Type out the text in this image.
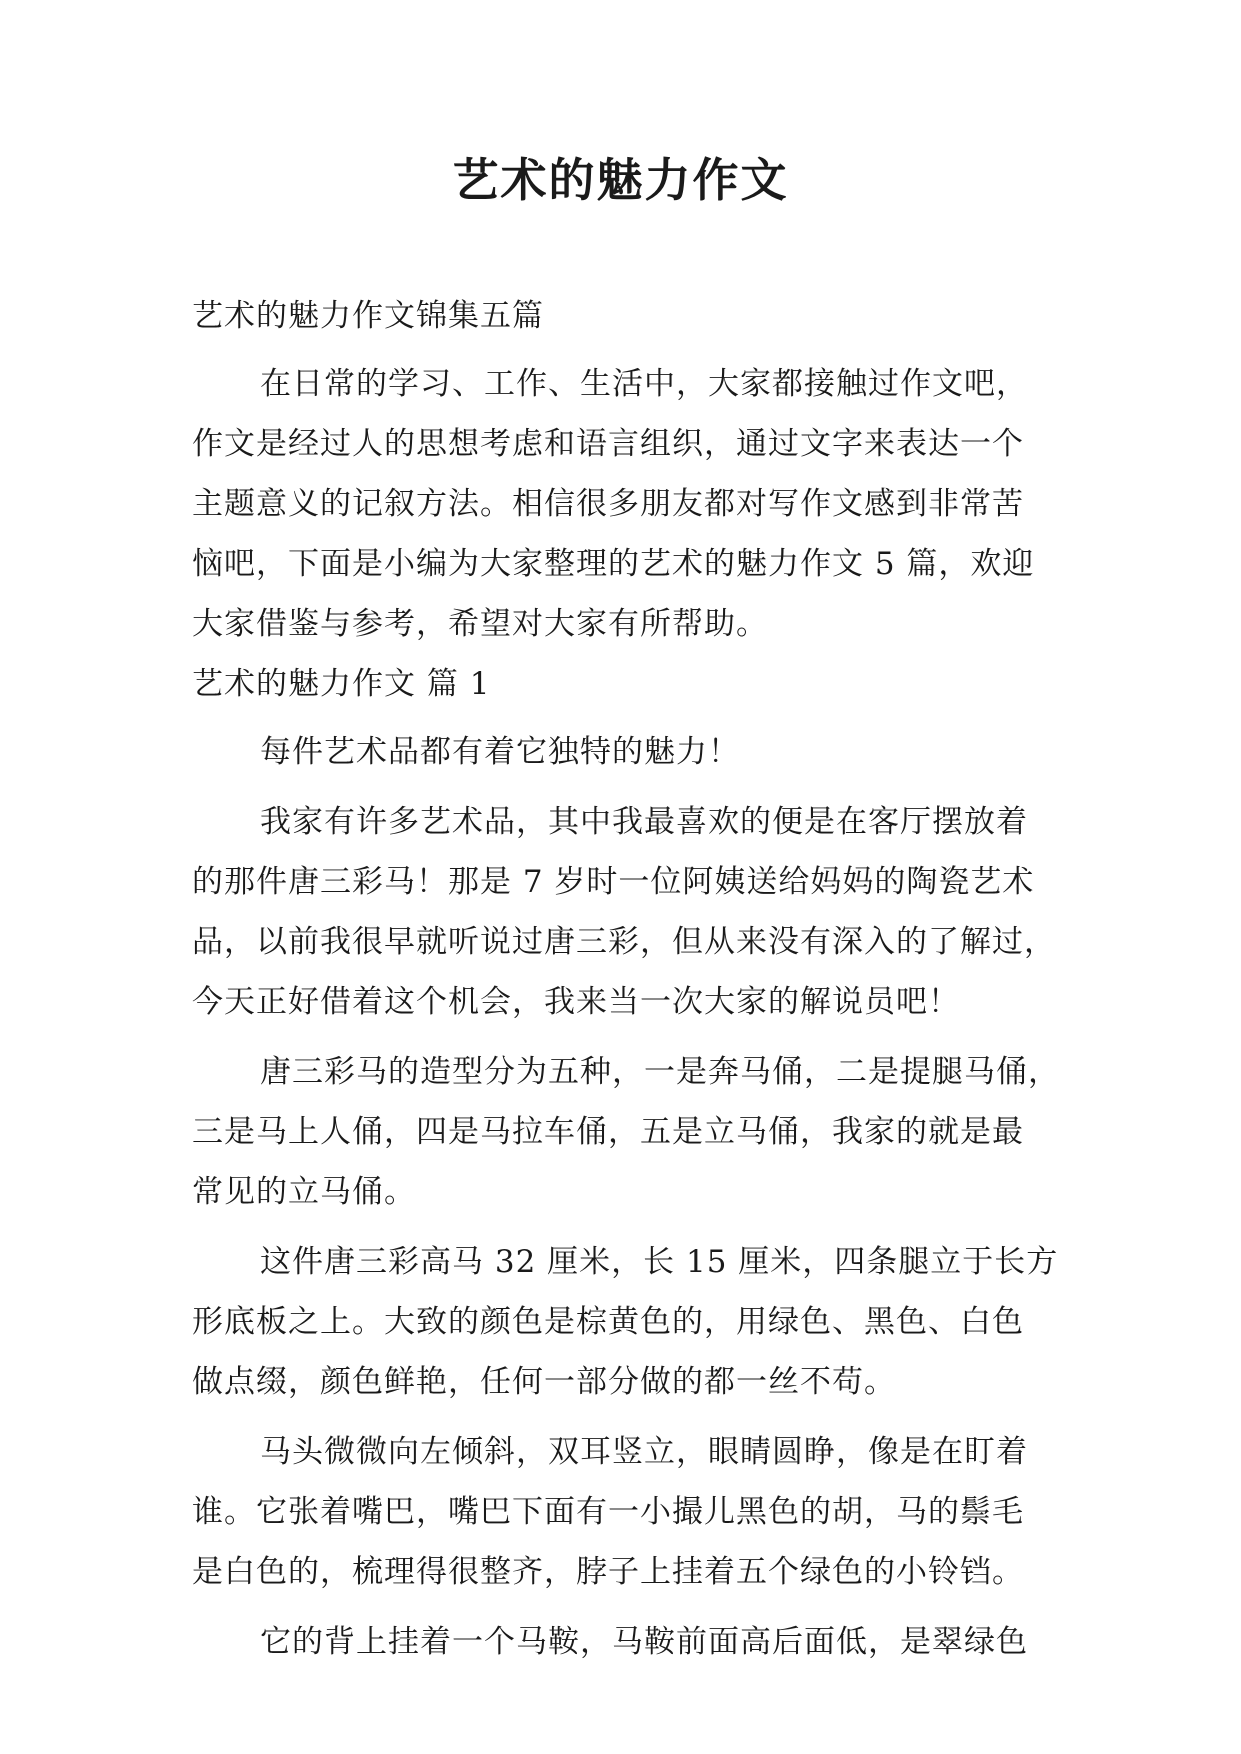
艺术的魅力作文
艺术的魅力作文锦集五篇
在日常的学习、工作、生活中，大家都接触过作文吧，
作文是经过人的思想考虑和语言组织，通过文字来表达一个
主题意义的记叙方法。相信很多朋友都对写作文感到非常苦
恼吧，下面是小编为大家整理的艺术的魅力作文 5 篇，欢迎
大家借鉴与参考，希望对大家有所帮助。
艺术的魅力作文 篇 1
每件艺术品都有着它独特的魅力！
我家有许多艺术品，其中我最喜欢的便是在客厅摆放着
的那件唐三彩马！那是 7 岁时一位阿姨送给妈妈的陶瓷艺术
品，以前我很早就听说过唐三彩，但从来没有深入的了解过，
今天正好借着这个机会，我来当一次大家的解说员吧！
唐三彩马的造型分为五种，一是奔马俑，二是提腿马俑，
三是马上人俑，四是马拉车俑，五是立马俑，我家的就是最
常见的立马俑。
这件唐三彩高马 32 厘米，长 15 厘米，四条腿立于长方
形底板之上。大致的颜色是棕黄色的，用绿色、黑色、白色
做点缀，颜色鲜艳，任何一部分做的都一丝不苟。
马头微微向左倾斜，双耳竖立，眼睛圆睁，像是在盯着
谁。它张着嘴巴，嘴巴下面有一小撮儿黑色的胡，马的鬃毛
是白色的，梳理得很整齐，脖子上挂着五个绿色的小铃铛。
它的背上挂着一个马鞍，马鞍前面高后面低，是翠绿色
